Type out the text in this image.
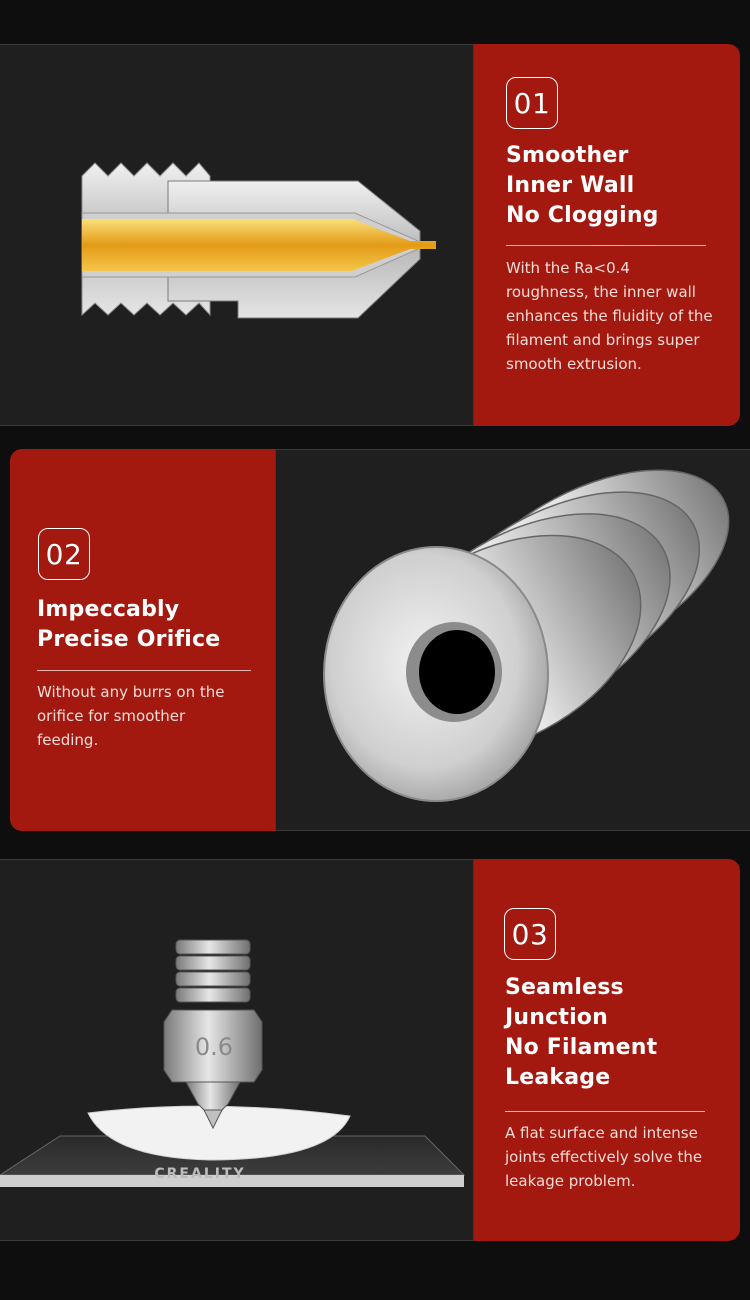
01
Smoother
Inner Wall
No Clogging
With the Ra<0.4 roughness, the inner wall enhances the fluidity of the filament and brings super smooth extrusion.
02
Impeccably
Precise Orifice
Without any burrs on the orifice for smoother feeding.
CREALITY
0.6
03
Seamless
Junction
No Filament
Leakage
A flat surface and intense joints effectively solve the leakage problem.
